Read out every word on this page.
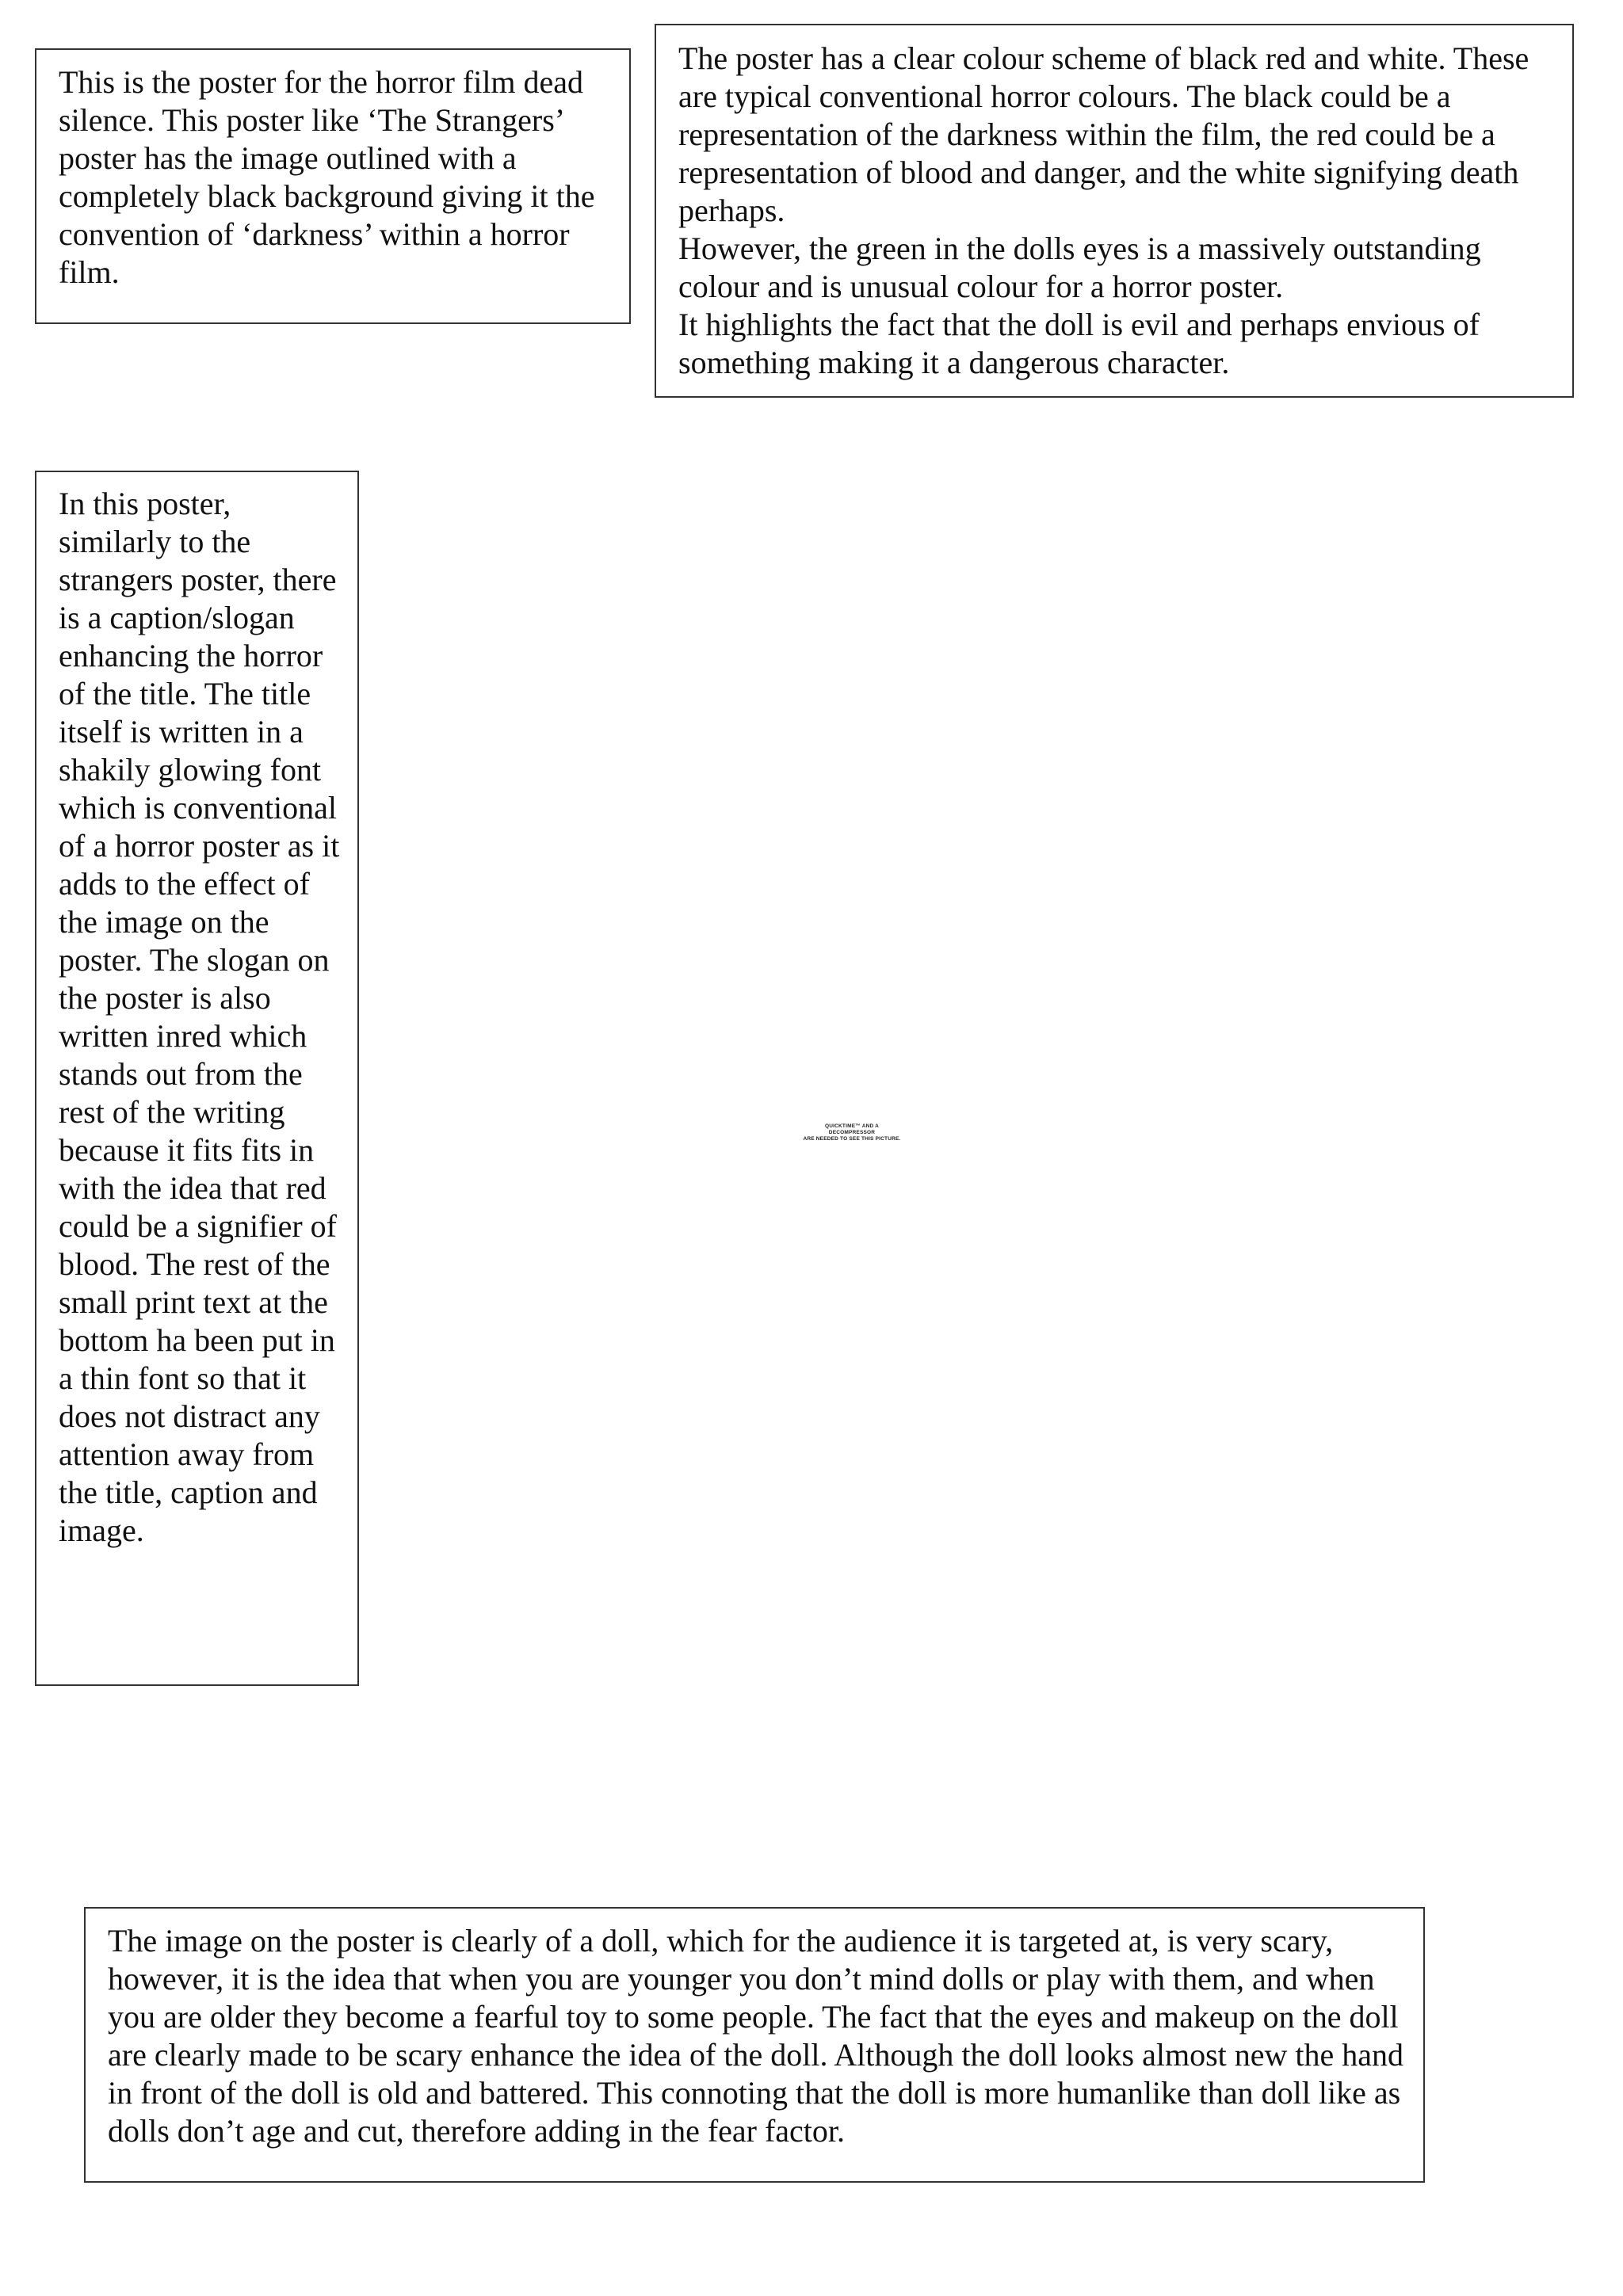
This is the poster for the horror film dead silence. This poster like ‘The Strangers’ poster has the image outlined with a completely black background giving it the convention of ‘darkness’ within a horror film.
The poster has a clear colour scheme of black red and white. These are typical conventional horror colours. The black could be a representation of the darkness within the film, the red could be a representation of blood and danger, and the white signifying death perhaps.
However, the green in the dolls eyes is a massively outstanding colour and is unusual colour for a horror poster.
It highlights the fact that the doll is evil and perhaps envious of something making it a dangerous character.
In this poster, similarly to the strangers poster, there is a caption/slogan enhancing the horror of the title. The title itself is written in a shakily glowing font which is conventional of a horror poster as it adds to the effect of the image on the poster. The slogan on the poster is also written inred which stands out from the rest of the writing because it fits fits in with the idea that red could be a signifier of blood. The rest of the small print text at the bottom ha been put in a thin font so that it does not distract any attention away from the title, caption and image.
QUICKTIME™ AND A
DECOMPRESSOR
ARE NEEDED TO SEE THIS PICTURE.
The image on the poster is clearly of a doll, which for the audience it is targeted at, is very scary, however, it is the idea that when you are younger you don’t mind dolls or play with them, and when you are older they become a fearful toy to some people. The fact that the eyes and makeup on the doll are clearly made to be scary enhance the idea of the doll. Although the doll looks almost new the hand in front of the doll is old and battered. This connoting that the doll is more humanlike than doll like as dolls don’t age and cut, therefore adding in the fear factor.
